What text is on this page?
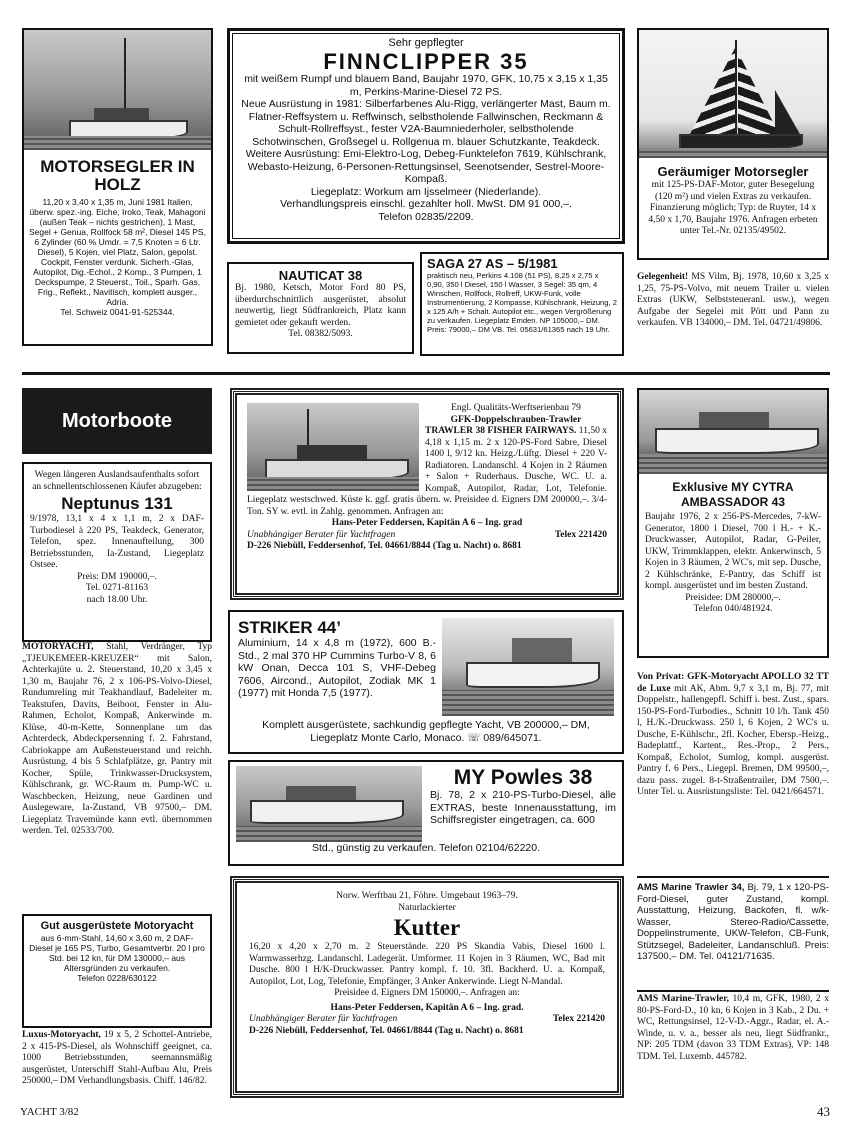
MOTORSEGLER IN HOLZ
11,20 x 3,40 x 1,35 m, Juni 1981 Italien, überw. spez.-ing. Eiche, Iroko, Teak, Mahagoni (außen Teak – nichts gestrichen), 1 Mast, Segel + Genua, Rollfock 58 m², Diesel 145 PS, 6 Zylinder (60 % Umdr. = 7,5 Knoten = 6 Ltr. Diesel), 5 Kojen, viel Platz, Salon, gepolst. Cockpit, Fenster verdunk. Sicherh.-Glas, Autopilot, Dig.-Echol., 2 Komp., 3 Pumpen, 1 Deckspumpe, 2 Steuerst., Toil., Sparh. Gas, Frig., Reflekt., Navitisch, komplett ausger., Adria.
Tel. Schweiz 0041-91-525344.
Sehr gepflegter
FINNCLIPPER 35
mit weißem Rumpf und blauem Band, Baujahr 1970, GFK, 10,75 x 3,15 x 1,35 m, Perkins-Marine-Diesel 72 PS.
Neue Ausrüstung in 1981: Silberfarbenes Alu-Rigg, verlängerter Mast, Baum m. Flatner-Reffsystem u. Reffwinsch, selbstholende Fallwinschen, Reckmann & Schult-Rollreffsyst., fester V2A-Baumniederholer, selbstholende Schotwinschen, Großsegel u. Rollgenua m. blauer Schutzkante, Teakdeck.
Weitere Ausrüstung: Emi-Elektro-Log, Debeg-Funktelefon 7619, Kühlschrank, Webasto-Heizung, 6-Personen-Rettungsinsel, Seenotsender, Sestrel-Moore-Kompaß.
Liegeplatz: Workum am Ijsselmeer (Niederlande).
Verhandlungspreis einschl. gezahlter holl. MwSt. DM 91 000,–.
Telefon 02835/2209.
Geräumiger Motorsegler
mit 125-PS-DAF-Motor, guter Besegelung (120 m²) und vielen Extras zu verkaufen. Finanzierung möglich; Typ: de Ruyter, 14 x 4,50 x 1,70, Baujahr 1976. Anfragen erbeten unter Tel.-Nr. 02135/49502.
NAUTICAT 38
Bj. 1980, Ketsch, Motor Ford 80 PS, überdurchschnittlich ausgerüstet, absolut neuwertig, liegt Südfrankreich, Platz kann gemietet oder gekauft werden.
Tel. 08382/5093.
SAGA 27 AS – 5/1981
praktisch neu, Perkins 4.108 (51 PS), 8,25 x 2,75 x 0,90, 350 l Diesel, 150 l Wasser, 3 Segel: 35 qm, 4 Winschen, Rollfock, Rollreff, UKW-Funk, volle Instrumentierung, 2 Kompasse, Kühlschrank, Heizung, 2 x 125 A/h + Schalt. Autopilot etc., wegen Vergrößerung zu verkaufen. Liegeplatz Emden. NP 105000,– DM. Preis: 79000,– DM VB. Tel. 05631/61365 nach 19 Uhr.
Gelegenheit! MS Vilm, Bj. 1978, 10,60 x 3,25 x 1,25, 75-PS-Volvo, mit neuem Trailer u. vielen Extras (UKW, Selbststeueranl. usw.), wegen Aufgabe der Segelei mit Pött und Pann zu verkaufen. VB 134000,– DM. Tel. 04721/49806.
Motorboote
Wegen längeren Auslandsaufenthalts sofort an schnellentschlossenen Käufer abzugeben:
Neptunus 131
9/1978, 13,1 x 4 x 1,1 m, 2 x DAF-Turbodiesel à 220 PS, Teakdeck, Generator, Telefon, spez. Innenaufteilung, 300 Betriebsstunden, Ia-Zustand, Liegeplatz Ostsee.
Preis: DM 190000,–.
Tel. 0271-81163
nach 18.00 Uhr.
MOTORYACHT, Stahl, Verdränger, Typ „TJEUKEMEER-KREUZER“ mit Salon, Achterkajüte u. 2. Steuerstand, 10,20 x 3,45 x 1,30 m, Baujahr 76, 2 x 106-PS-Volvo-Diesel, Rundumreling mit Teakhandlauf, Badeleiter m. Teakstufen, Davits, Beiboot, Fenster in Alu-Rahmen, Echolot, Kompaß, Ankerwinde m. Klüse, 40-m-Kette, Sonnenplane um das Achterdeck, Abdeckpersenning f. 2. Fahrstand, Cabriokappe am Außensteuerstand und reichh. Ausrüstung. 4 bis 5 Schlafplätze, gr. Pantry mit Kocher, Spüle, Trinkwasser-Drucksystem, Kühlschrank, gr. WC-Raum m. Pump-WC u. Waschbecken, Heizung, neue Gardinen und Auslegeware, Ia-Zustand, VB 97500,– DM. Liegeplatz Travemünde kann evtl. übernommen werden. Tel. 02533/700.
Gut ausgerüstete Motoryacht
aus 6-mm-Stahl, 14,60 x 3,60 m, 2 DAF-Diesel je 165 PS, Turbo, Gesamtverbr. 20 l pro Std. bei 12 kn, für DM 130000,– aus Altersgründen zu verkaufen.
Telefon 0228/630122
Luxus-Motoryacht, 19 x 5, 2 Schottel-Antriebe, 2 x 415-PS-Diesel, als Wohnschiff geeignet, ca. 1000 Betriebsstunden, seemannsmäßig ausgerüstet, Unterschiff Stahl-Aufbau Alu, Preis 250000,– DM Verhandlungsbasis. Chiff. 146/82.
Engl. Qualitäts-Werftserienbau 79
GFK-Doppelschrauben-Trawler
TRAWLER 38 FISHER FAIRWAYS. 11,50 x 4,18 x 1,15 m. 2 x 120-PS-Ford Sabre, Diesel 1400 l, 9/12 kn. Heizg./Lüftg. Diesel + 220 V-Radiatoren. Landanschl. 4 Kojen in 2 Räumen + Salon + Ruderhaus. Dusche, WC. U. a. Kompaß, Autopilot, Radar, Lot, Telefonie. Liegeplatz westschwed. Küste k. ggf. gratis übern. w. Preisidee d. Eigners DM 200000,–. 3/4-Ton. SY w. evtl. in Zahlg. genommen. Anfragen an:
Hans-Peter Feddersen, Kapitän A 6 – Ing. grad
Unabhängiger Berater für Yachtfragen	Telex 221420
D-226 Niebüll, Feddersenhof, Tel. 04661/8844 (Tag u. Nacht) o. 8681
STRIKER 44’
Aluminium, 14 x 4,8 m (1972), 600 B.-Std., 2 mal 370 HP Cummins Turbo-V 8, 6 kW Onan, Decca 101 S, VHF-Debeg 7606, Aircond., Autopilot, Zodiak MK 1 (1977) mit Honda 7,5 (1977).
Komplett ausgerüstete, sachkundig gepflegte Yacht, VB 200000,– DM, Liegeplatz Monte Carlo, Monaco. ☏ 089/645071.
MY Powles 38
Bj. 78, 2 x 210-PS-Turbo-Diesel, alle EXTRAS, beste Innenausstattung, im Schiffsregister eingetragen, ca. 600
Std., günstig zu verkaufen. Telefon 02104/62220.
Norw. Werftbau 21, Föhre. Umgebaut 1963–79.
Naturlackierter
Kutter
16,20 x 4,20 x 2,70 m. 2 Steuerstände. 220 PS Skandia Vabis, Diesel 1600 l. Warmwasserhzg. Landanschl. Ladegerät. Umformer. 11 Kojen in 3 Räumen, WC, Bad mit Dusche. 800 l H/K-Druckwasser. Pantry kompl. f. 10. 3fl. Backherd. U. a. Kompaß, Autopilot, Lot, Log, Telefonie, Empfänger, 3 Anker Ankerwinde. Liegt N-Mandal.
Preisidee d. Eigners DM 150000,–. Anfragen an:
Hans-Peter Feddersen, Kapitän A 6 – Ing. grad.
Unabhängiger Berater für Yachtfragen	Telex 221420
D-226 Niebüll, Feddersenhof, Tel. 04661/8844 (Tag u. Nacht) o. 8681
Exklusive MY CYTRA AMBASSADOR 43
Baujahr 1976, 2 x 256-PS-Mercedes, 7-kW-Generator, 1800 l Diesel, 700 l H.- + K.-Druckwasser, Autopilot, Radar, G-Peiler, UKW, Trimmklappen, elektr. Ankerwinsch, 5 Kojen in 3 Räumen, 2 WC's, mit sep. Dusche, 2 Kühlschränke, E-Pantry, das Schiff ist kompl. ausgerüstet und im besten Zustand.
Preisidee: DM 280000,–.
Telefon 040/481924.
Von Privat: GFK-Motoryacht APOLLO 32 TT de Luxe mit AK, Abm. 9,7 x 3,1 m, Bj. 77, mit Doppelstr., hallengepfl. Schiff i. best. Zust., spars. 150-PS-Ford-Turbodies., Schnitt 10 l/h. Tank 450 l, H./K.-Druckwass. 250 l, 6 Kojen, 2 WC's u. Dusche, E-Kühlschr., 2fl. Kocher, Ebersp.-Heizg., Badeplattf., Kartent., Res.-Prop., 2 Pers., Kompaß, Echolot, Sumlog, kompl. ausgerüst. Pantry f. 6 Pers., Liegepl. Bremen, DM 99500,–, dazu pass. zugel. 8-t-Straßentrailer, DM 7500,–. Unter Tel. u. Ausrüstungsliste: Tel. 0421/664571.
AMS Marine Trawler 34, Bj. 79, 1 x 120-PS-Ford-Diesel, guter Zustand, kompl. Ausstattung, Heizung, Backofen, fl. w/k-Wasser, Stereo-Radio/Cassette, Doppelinstrumente, UKW-Telefon, CB-Funk, Stützsegel, Badeleiter, Landanschluß. Preis: 137500,– DM. Tel. 04121/71635.
AMS Marine-Trawler, 10,4 m, GFK, 1980, 2 x 80-PS-Ford-D., 10 kn, 6 Kojen in 3 Kab., 2 Du. + WC, Rettungsinsel, 12-V-D.-Aggr., Radar, el. A.-Winde, u. v. a., besser als neu, liegt Südfrankr., NP: 205 TDM (davon 33 TDM Extras), VP: 148 TDM. Tel. Luxemb. 445782.
YACHT 3/82	43
